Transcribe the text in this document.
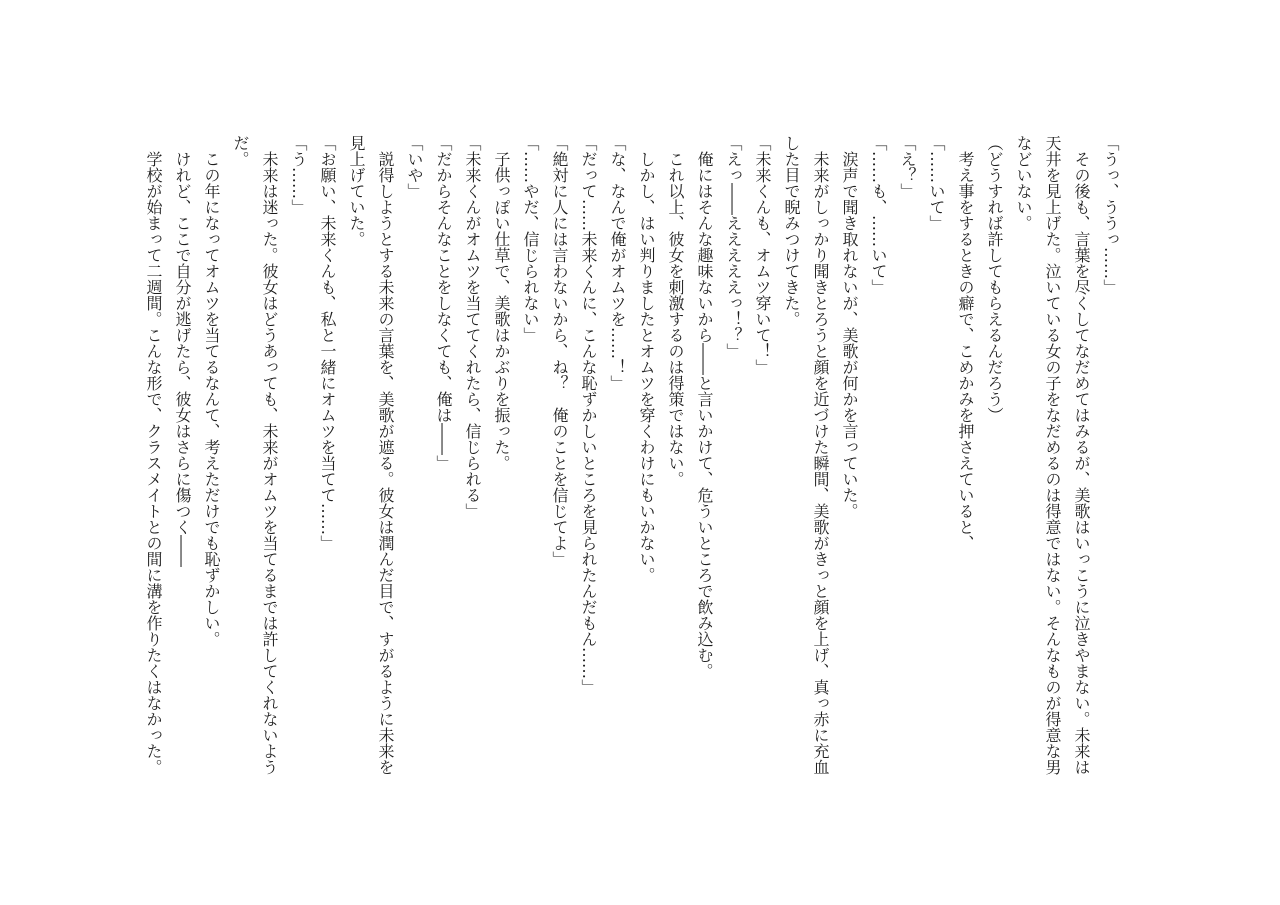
「うっ、ううっ……」
　その後も、言葉を尽くしてなだめてはみるが、美歌はいっこうに泣きやまない。未来は
天井を見上げた。泣いている女の子をなだめるのは得意ではない。そんなものが得意な男
などいない。
（どうすれば許してもらえるんだろう）
　考え事をするときの癖で、こめかみを押さえていると、
「……いて」
「え？」
「……も、……いて」
　涙声で聞き取れないが、美歌が何かを言っていた。
　未来がしっかり聞きとろうと顔を近づけた瞬間、美歌がきっと顔を上げ、真っ赤に充血
した目で睨みつけてきた。
「未来くんも、オムツ穿いて！」
「えっ――えええええっ！？」
　俺にはそんな趣味ないから――と言いかけて、危ういところで飲み込む。
　これ以上、彼女を刺激するのは得策ではない。
　しかし、はい判りましたとオムツを穿くわけにもいかない。
「な、なんで俺がオムツを……！」
「だって……未来くんに、こんな恥ずかしいところを見られたんだもん……」
「絶対に人には言わないから、ね？　俺のことを信じてよ」
「……やだ、信じられない」
　子供っぽい仕草で、美歌はかぶりを振った。
「未来くんがオムツを当ててくれたら、信じられる」
「だからそんなことをしなくても、俺は――」
「いや」
　説得しようとする未来の言葉を、美歌が遮る。彼女は潤んだ目で、すがるように未来を
見上げていた。
「お願い、未来くんも、私と一緒にオムツを当てて……」
「う……」
　未来は迷った。彼女はどうあっても、未来がオムツを当てるまでは許してくれないよう
だ。
　この年になってオムツを当てるなんて、考えただけでも恥ずかしい。
　けれど、ここで自分が逃げたら、彼女はさらに傷つく――
　学校が始まって二週間。こんな形で、クラスメイトとの間に溝を作りたくはなかった。
